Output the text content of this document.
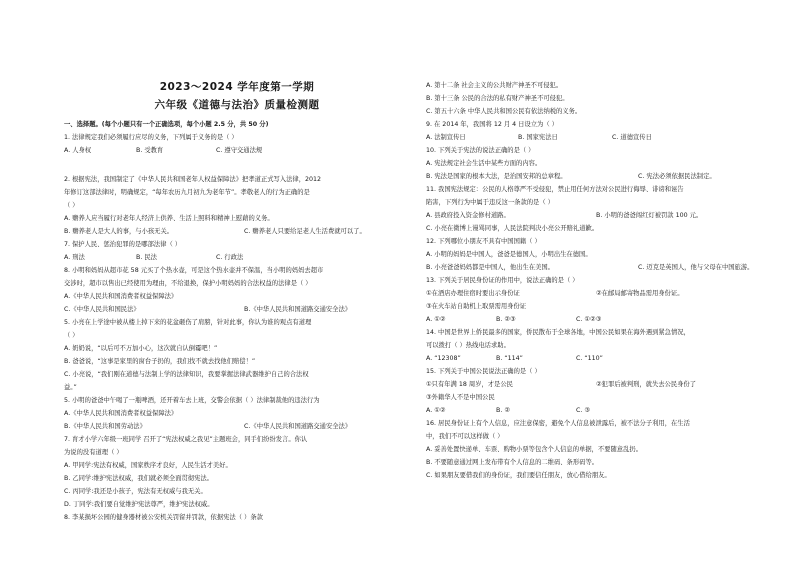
2023～2024 学年度第一学期
六年级《道德与法治》质量检测题
一、选择题。(每个小题只有一个正确选项，每个小题 2.5 分，共 50 分)
1. 法律规定我们必须履行应尽的义务，下列属于义务的是（ ）
2. 根据宪法，我国制定了《中华人民共和国老年人权益保障法》把孝道正式写入法律，2012
年修订这部法律时，明确规定，“每年农历九月初九为老年节”。孝敬老人的行为正确的是
（ ）
A. 赡养人应当履行对老年人经济上供养、生活上照料和精神上慰藉的义务。
B. 赡养老人是大人的事，与小孩无关。
7. 保护人民、惩治犯罪的是哪部法律（ ）
A. 刑法
8. 小明和妈妈从超市花 58 元买了个热水壶，可是这个热水壶并不保温，当小明的妈妈去超市
交涉时，超市以售出已经使用为理由，不给退换，保护小明妈妈的合法权益的法律是（ ）
A.《中华人民共和国消费者权益保障法》
C.《中华人民共和国民法》
5. 小亮在上学途中被从楼上掉下来的花盆砸伤了肩膀，针对此事，你认为谁的观点有道理
（ ）
A. 奶奶说，“以后可不万加小心，这次就自认倒霉吧！”
B. 爸爸说，“这事是家里的窗台子扔的，我们找不就去找他们赔偿！”
C. 小亮说，“我们刚在道德与法制上学的法律知识，我要掌握法律武器维护自己的合法权
益。”
5. 小明的爸爸中午喝了一瓶啤酒，还开着车去上班，交警会依据（ ）法律制裁他的违法行为
A.《中华人民共和国消费者权益保障法》
B.《中华人民共和国劳动法》
7. 育才小学六年级一班同学 召开了“宪法权威之我见”主题班会，同手们纷纷发言。你认
为说的没有道理（ ）
A. 甲同学:宪法有权威，国家秩序才良好，人民生活才美好。
B. 乙同学:维护宪法权威，我们就必须全面贯彻宪法。
C. 丙同学:我还是小孩子，宪法有无权威与我无关。
D. 丁同学:我们要自觉维护宪法尊严，维护宪法权威。
8. 李某损坏公园的健身器材被公安机关罚留并罚款，依据宪法（ ）条款
A. 人身权	B. 受教育	C. 遵守交通法规
C. 赡养老人只要给足老人生活费就可以了。
B. 民法	C. 行政法
B.《中华人民共和国道路交通安全法》
C.《中华人民共和国道路交通安全法》
A. 第十二条 社会主义的公共财产神圣不可侵犯。
B. 第十三条 公民的合法的私有财产神圣不可侵犯。
C. 第五十六条 中华人民共和国公民有依法纳税的义务。
9. 在 2014 年，我国将 12 月 4 日设立为（ ）
10. 下列关于宪法的说法正确的是（ ）
A. 宪法规定社会生活中某些方面的内容。
B. 宪法是国家的根本大法，是治国安邦的总章程。
11. 我国宪法规定：公民的人格尊严不受侵犯，禁止用任何方法对公民进行侮辱、诽谤和诬告
陷害，下列行为中属于违反这一条款的是（ ）
A. 县政府投入资金修村道路。
C. 小亮在微博上谩骂同事，人民法院判决小亮公开赔礼道歉。
12. 下列哪位小朋友不具有中国国籍（ ）
A. 小明的妈妈是中国人，爸爸是德国人，小明出生在德国。
B. 小亮爸爸妈妈都是中国人，他出生在美国。
13. 下列关于居民身份证的作用中，说法正确的是（ ）
①在酒店办理住宿时要出示身份证
③在火车站自助机上取票需用身份证
A. ①②
14. 中国是世界上侨民最多的国家，侨民散布于全球各地，中国公民如果在海外遇到紧急情况，
可以拨打（ ）热线电话求助。
A. “12308”
15. 下列关于中国公民说法正确的是（ ）
①只有年满 18 周岁，才是公民
③外籍华人不是中国公民
A. ①②
16. 居民身份证上有个人信息，应注意保密，避免个人信息被泄露后，被不法分子利用，在生活
中，我们不可以这样做（ ）
A. 妥善处置快递单、车票、购物小票等包含个人信息的单据，不要随意乱扔。
B. 不要随意通过网上发布带有个人信息的二维码、条形码等。
C. 如果朋友要借我们的身份证，我们要信任朋友，放心借给朋友。
A. 法制宣传日	B. 国家宪法日	C. 道德宣传日
C. 宪法必须依据民法制定。
B. 小明的爸爸闯红灯被罚款 100 元。
C. 迈克是英国人，他与父母在中国旅游。
②在邮局邮寄物品需用身份证。
B. ②③	C. ①②③
B. “114”	C. “110”
②犯罪后被判刑，就失去公民身份了
B. ②	C. ③
